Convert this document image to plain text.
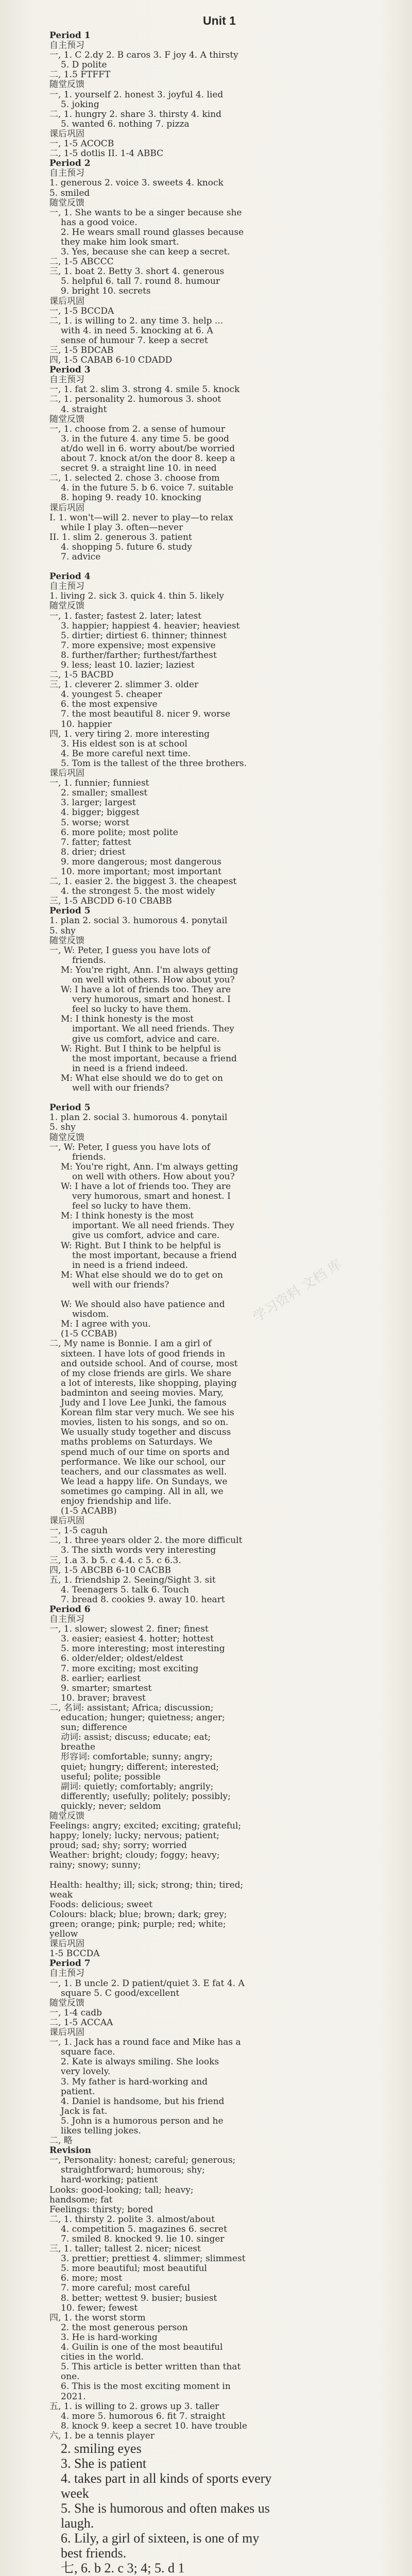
Unit 1
Period 1
自主预习
一, 1. C 2.dy 2. B caros 3. F joy 4. A thirsty
5. D polite
二, 1.5 FTFFT
随堂反馈
一, 1. yourself 2. honest 3. joyful 4. lied
5. joking
二, 1. hungry 2. share 3. thirsty 4. kind
5. wanted 6. nothing 7. pizza
课后巩固
一, 1-5 ACOCB
二, 1-5 dotlis II. 1-4 ABBC
Period 2
自主预习
1. generous 2. voice 3. sweets 4. knock
5. smiled
随堂反馈
一, 1. She wants to be a singer because she
has a good voice.
2. He wears small round glasses because
they make him look smart.
3. Yes, because she can keep a secret.
二, 1-5 ABCCC
三, 1. boat 2. Betty 3. short 4. generous
5. helpful 6. tall 7. round 8. humour
9. bright 10. secrets
课后巩固
一, 1-5 BCCDA
二, 1. is willing to 2. any time 3. help ...
with 4. in need 5. knocking at 6. A
sense of humour 7. keep a secret
三, 1-5 BDCAB
四, 1-5 CABAB 6-10 CDADD
Period 3
自主预习
一, 1. fat 2. slim 3. strong 4. smile 5. knock
二, 1. personality 2. humorous 3. shoot
4. straight
随堂反馈
一, 1. choose from 2. a sense of humour
3. in the future 4. any time 5. be good
at/do well in 6. worry about/be worried
about 7. knock at/on the door 8. keep a
secret 9. a straight line 10. in need
二, 1. selected 2. chose 3. choose from
4. in the future 5. b 6. voice 7. suitable
8. hoping 9. ready 10. knocking
课后巩固
I. 1. won't—will 2. never to play—to relax
while I play 3. often—never
II. 1. slim 2. generous 3. patient
4. shopping 5. future 6. study
7. advice

Period 4
自主预习
1. living 2. sick 3. quick 4. thin 5. likely
随堂反馈
一, 1. faster; fastest 2. later; latest
3. happier; happiest 4. heavier; heaviest
5. dirtier; dirtiest 6. thinner; thinnest
7. more expensive; most expensive
8. further/farther; furthest/farthest
9. less; least 10. lazier; laziest
二, 1-5 BACBD
三, 1. cleverer 2. slimmer 3. older
4. youngest 5. cheaper
6. the most expensive
7. the most beautiful 8. nicer 9. worse
10. happier
四, 1. very tiring 2. more interesting
3. His eldest son is at school
4. Be more careful next time.
5. Tom is the tallest of the three brothers.
课后巩固
一, 1. funnier; funniest
2. smaller; smallest
3. larger; largest
4. bigger; biggest
5. worse; worst
6. more polite; most polite
7. fatter; fattest
8. drier; driest
9. more dangerous; most dangerous
10. more important; most important
二, 1. easier 2. the biggest 3. the cheapest
4. the strongest 5. the most widely
三, 1-5 ABCDD 6-10 CBABB
Period 5
1. plan 2. social 3. humorous 4. ponytail
5. shy
随堂反馈
一, W: Peter, I guess you have lots of
friends.
M: You're right, Ann. I'm always getting
on well with others. How about you?
W: I have a lot of friends too. They are
very humorous, smart and honest. I
feel so lucky to have them.
M: I think honesty is the most
important. We all need friends. They
give us comfort, advice and care.
W: Right. But I think to be helpful is
the most important, because a friend
in need is a friend indeed.
M: What else should we do to get on
well with our friends?

Period 5
1. plan 2. social 3. humorous 4. ponytail
5. shy
随堂反馈
一, W: Peter, I guess you have lots of
friends.
M: You're right, Ann. I'm always getting
on well with others. How about you?
W: I have a lot of friends too. They are
very humorous, smart and honest. I
feel so lucky to have them.
M: I think honesty is the most
important. We all need friends. They
give us comfort, advice and care.
W: Right. But I think to be helpful is
the most important, because a friend
in need is a friend indeed.
M: What else should we do to get on
well with our friends?

W: We should also have patience and
wisdom.
M: I agree with you.
(1-5 CCBAB)
二, My name is Bonnie. I am a girl of
sixteen. I have lots of good friends in
and outside school. And of course, most
of my close friends are girls. We share
a lot of interests, like shopping, playing
badminton and seeing movies. Mary,
Judy and I love Lee Junki, the famous
Korean film star very much. We see his
movies, listen to his songs, and so on.
We usually study together and discuss
maths problems on Saturdays. We
spend much of our time on sports and
performance. We like our school, our
teachers, and our classmates as well.
We lead a happy life. On Sundays, we
sometimes go camping. All in all, we
enjoy friendship and life.
(1-5 ACABB)
课后巩固
一, 1-5 caguh
二, 1. three years older 2. the more difficult
3. The sixth words very interesting
三, 1.a 3. b 5. c 4.4. c 5. c 6.3.
四, 1-5 ABCBB 6-10 CACBB
五, 1. friendship 2. Seeing/Sight 3. sit
4. Teenagers 5. talk 6. Touch
7. bread 8. cookies 9. away 10. heart
Period 6
自主预习
一, 1. slower; slowest 2. finer; finest
3. easier; easiest 4. hotter; hottest
5. more interesting; most interesting
6. older/elder; oldest/eldest
7. more exciting; most exciting
8. earlier; earliest
9. smarter; smartest
10. braver; bravest
二, 名词: assistant; Africa; discussion;
education; hunger; quietness; anger;
sun; difference
动词: assist; discuss; educate; eat;
breathe
形容词: comfortable; sunny; angry;
quiet; hungry; different; interested;
useful; polite; possible
副词: quietly; comfortably; angrily;
differently; usefully; politely; possibly;
quickly; never; seldom
随堂反馈
Feelings: angry; excited; exciting; grateful;
happy; lonely; lucky; nervous; patient;
proud; sad; shy; sorry; worried
Weather: bright; cloudy; foggy; heavy;
rainy; snowy; sunny;

Health: healthy; ill; sick; strong; thin; tired;
weak
Foods: delicious; sweet
Colours: black; blue; brown; dark; grey;
green; orange; pink; purple; red; white;
yellow
课后巩固
1-5 BCCDA
Period 7
自主预习
一, 1. B uncle 2. D patient/quiet 3. E fat 4. A
square 5. C good/excellent
随堂反馈
一, 1-4 cadb
二, 1-5 ACCAA
课后巩固
一, 1. Jack has a round face and Mike has a
square face.
2. Kate is always smiling. She looks
very lovely.
3. My father is hard-working and
patient.
4. Daniel is handsome, but his friend
Jack is fat.
5. John is a humorous person and he
likes telling jokes.
二, 略
Revision
一, Personality: honest; careful; generous;
straightforward; humorous; shy;
hard-working; patient
Looks: good-looking; tall; heavy;
handsome; fat
Feelings: thirsty; bored
二, 1. thirsty 2. polite 3. almost/about
4. competition 5. magazines 6. secret
7. smiled 8. knocked 9. lie 10. singer
三, 1. taller; tallest 2. nicer; nicest
3. prettier; prettiest 4. slimmer; slimmest
5. more beautiful; most beautiful
6. more; most
7. more careful; most careful
8. better; wettest 9. busier; busiest
10. fewer; fewest
四, 1. the worst storm
2. the most generous person
3. He is hard-working
4. Guilin is one of the most beautiful
cities in the world.
5. This article is better written than that
one.
6. This is the most exciting moment in
2021.
五, 1. is willing to 2. grows up 3. taller
4. more 5. humorous 6. fit 7. straight
8. knock 9. keep a secret 10. have trouble
六, 1. be a tennis player
2. smiling eyes
3. She is patient
4. takes part in all kinds of sports every
week
5. She is humorous and often makes us
laugh.
6. Lily, a girl of sixteen, is one of my
best friends.
七, 6. b 2. c 3; 4; 5. d 1
学习资料 文档 库
